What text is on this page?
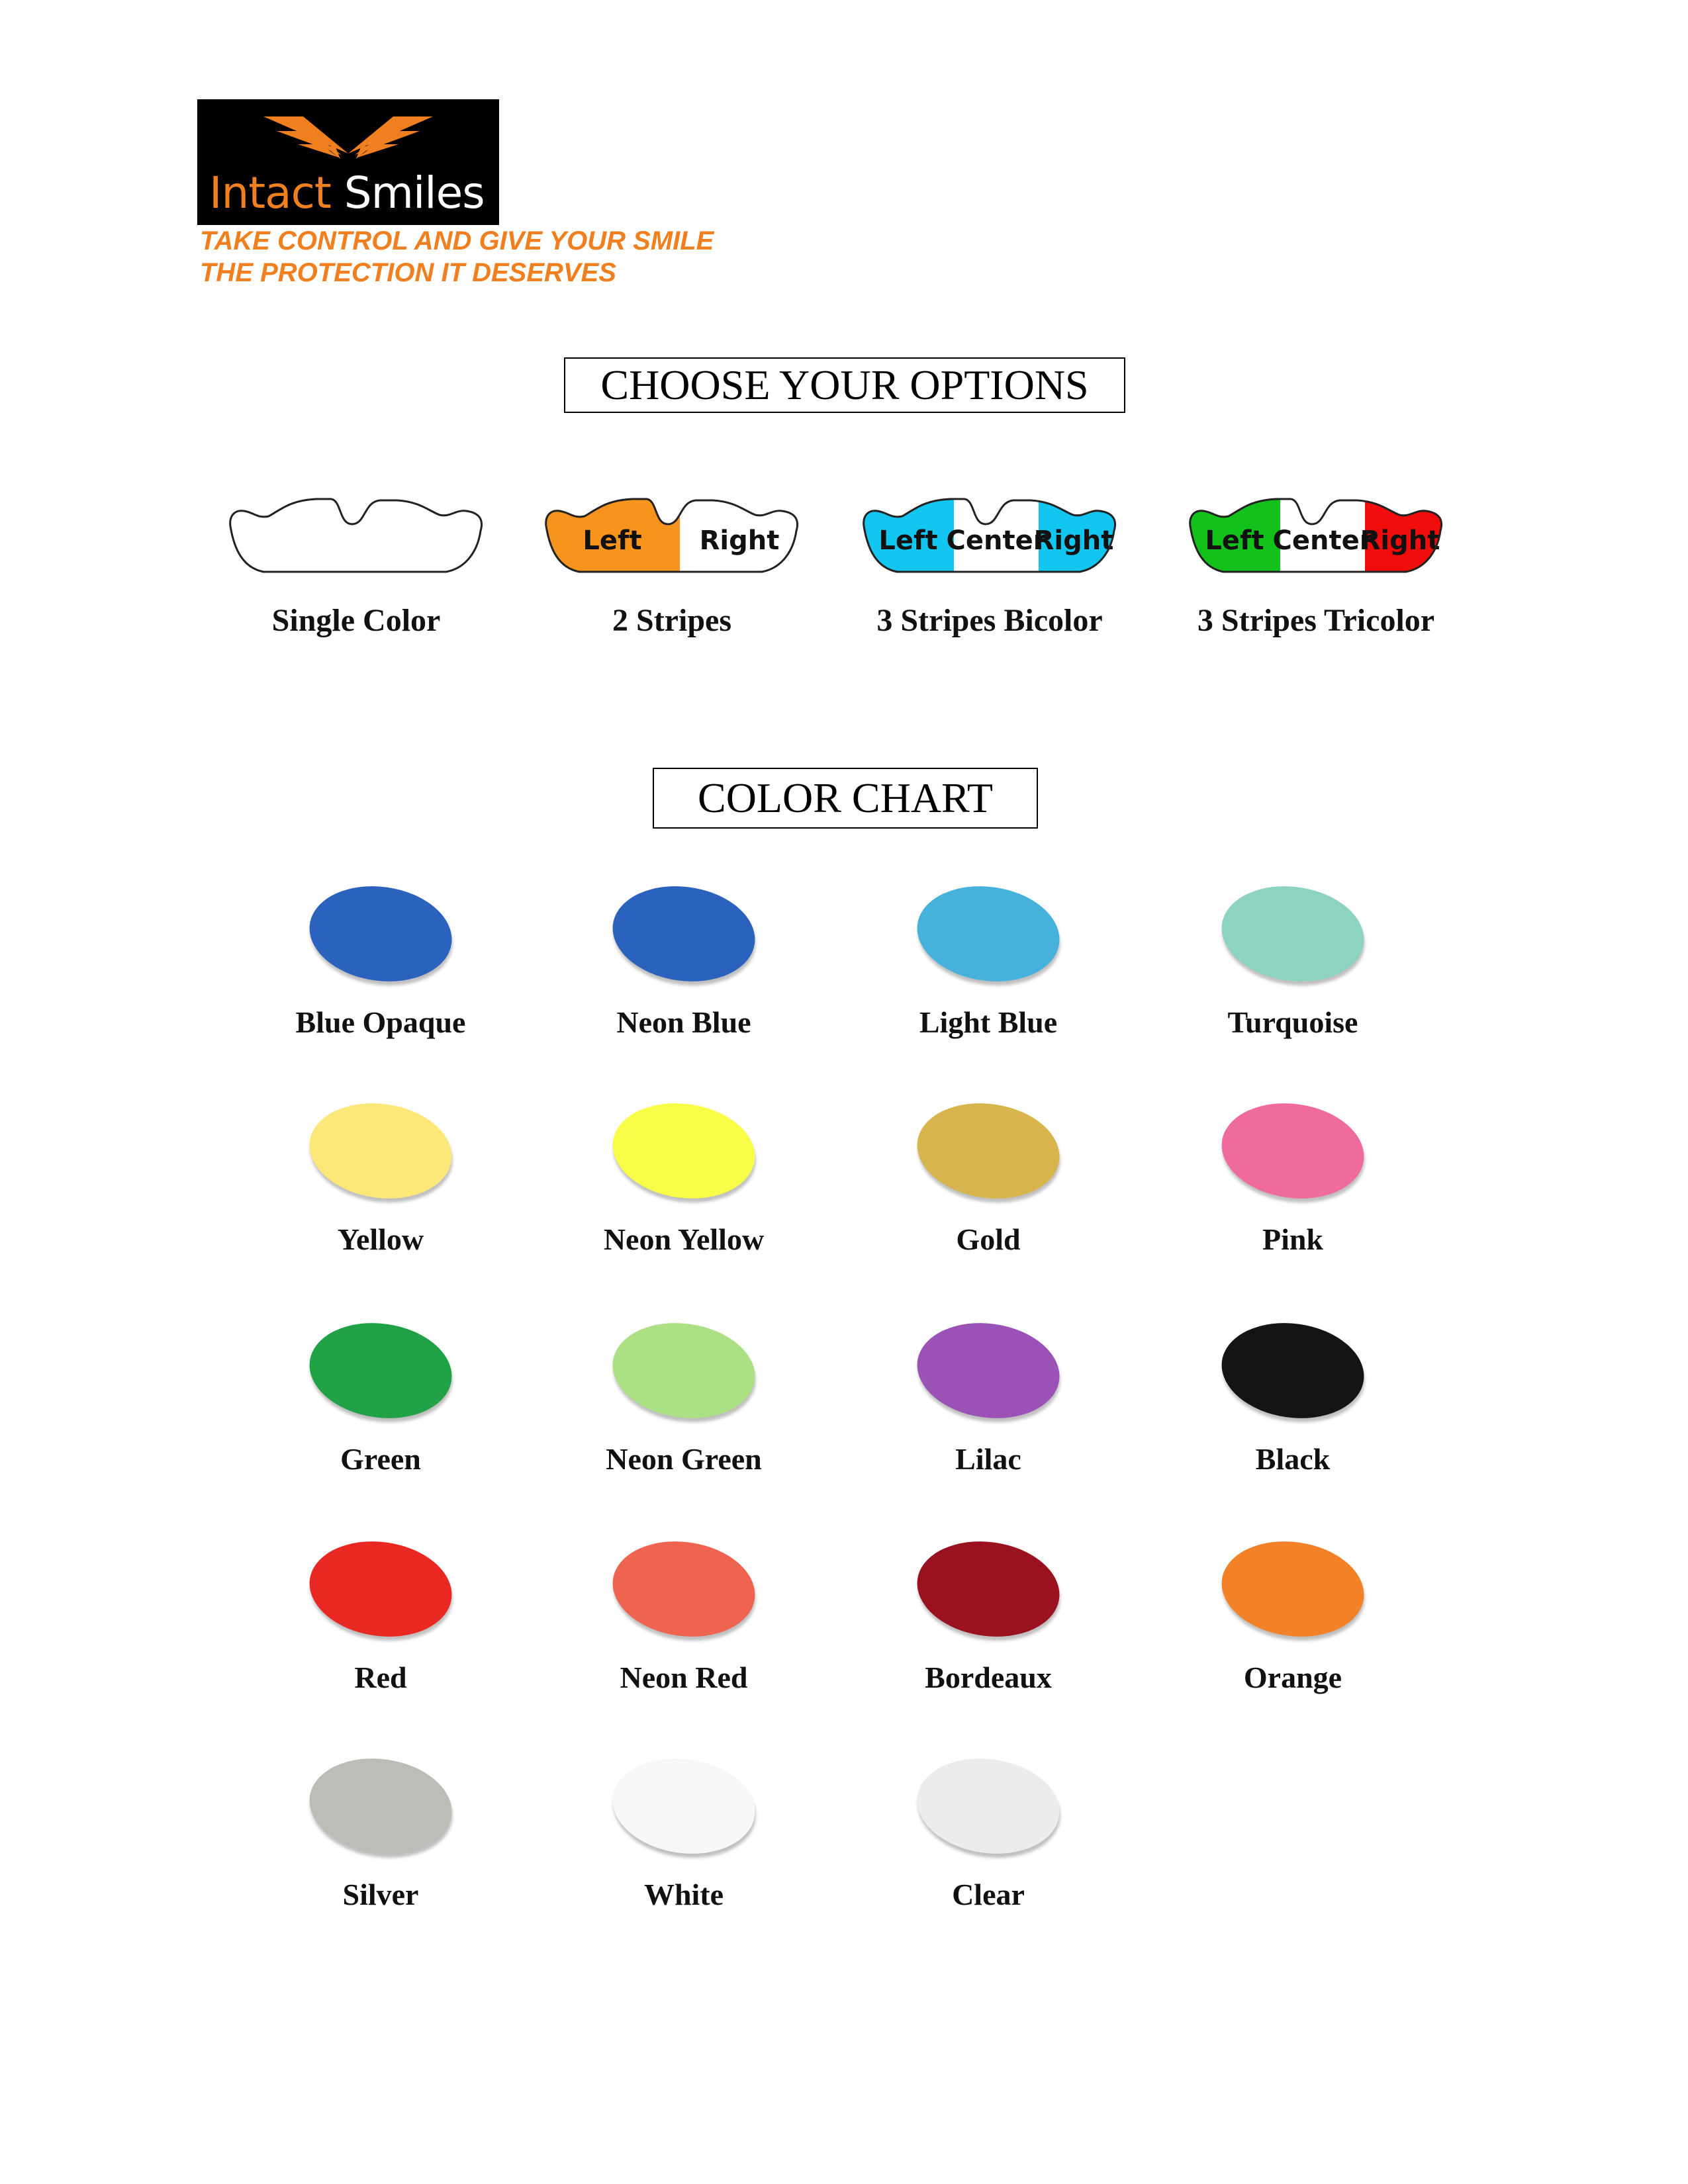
Intact Smiles

TAKE CONTROL AND GIVE YOUR SMILE
THE PROTECTION IT DESERVES

CHOOSE YOUR OPTIONS
Single Color
Left Right
2 Stripes
Left Center
Right
3 Stripes Bicolor
Left Center
Right
3 Stripes Tricolor
COLOR CHART
Blue Opaque	Neon Blue	Light Blue	Turquoise
Yellow	Neon Yellow	Gold	Pink
Green	Neon Green	Lilac	Black
Red	Neon Red	Bordeaux	Orange
Silver	White	Clear
